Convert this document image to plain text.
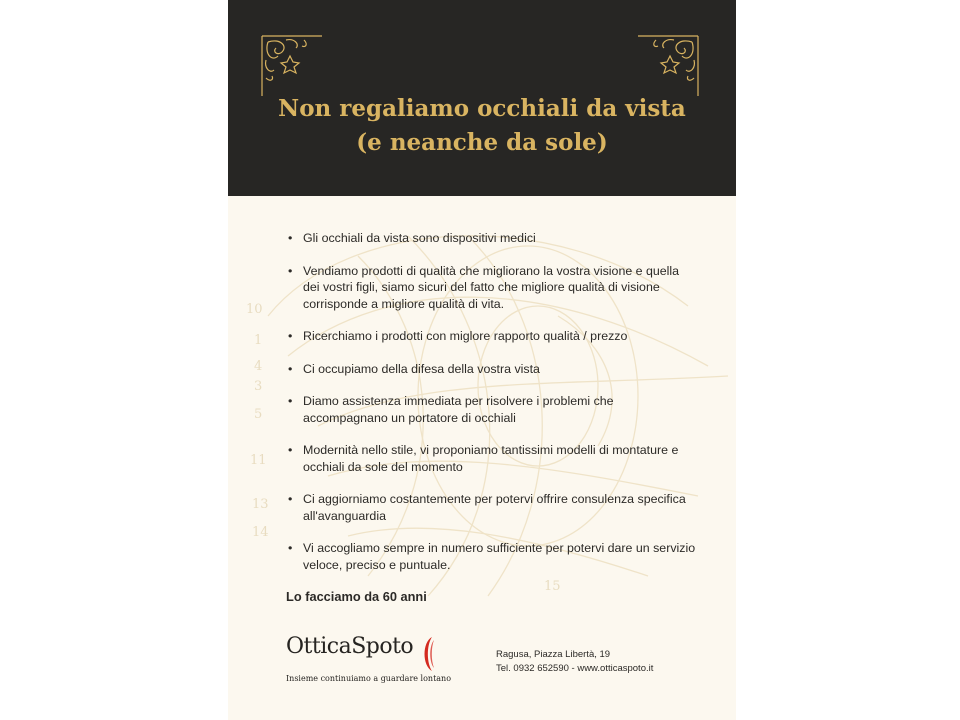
Non regaliamo occhiali da vista
(e neanche da sole)
10
1
3
4
5
11
14
13
15
• Gli occhiali da vista sono dispositivi medici
• Vendiamo prodotti di qualità che migliorano la vostra visione e quella dei vostri figli, siamo sicuri del fatto che migliore qualità di visione corrisponde a migliore qualità di vita.
• Ricerchiamo i prodotti con miglore rapporto qualità / prezzo
• Ci occupiamo della difesa della vostra vista
• Diamo assistenza immediata per risolvere i problemi che accompagnano un portatore di occhiali
• Modernità nello stile, vi proponiamo tantissimi modelli di montature e occhiali da sole del momento
• Ci aggiorniamo costantemente per potervi offrire consulenza specifica all'avanguardia
• Vi accogliamo sempre in numero sufficiente per potervi dare un servizio veloce, preciso e puntuale.

Lo facciamo da 60 anni

OtticaSpoto
Insieme continuiamo a guardare lontano
Ragusa, Piazza Libertà, 19
Tel. 0932 652590 - www.otticaspoto.it
